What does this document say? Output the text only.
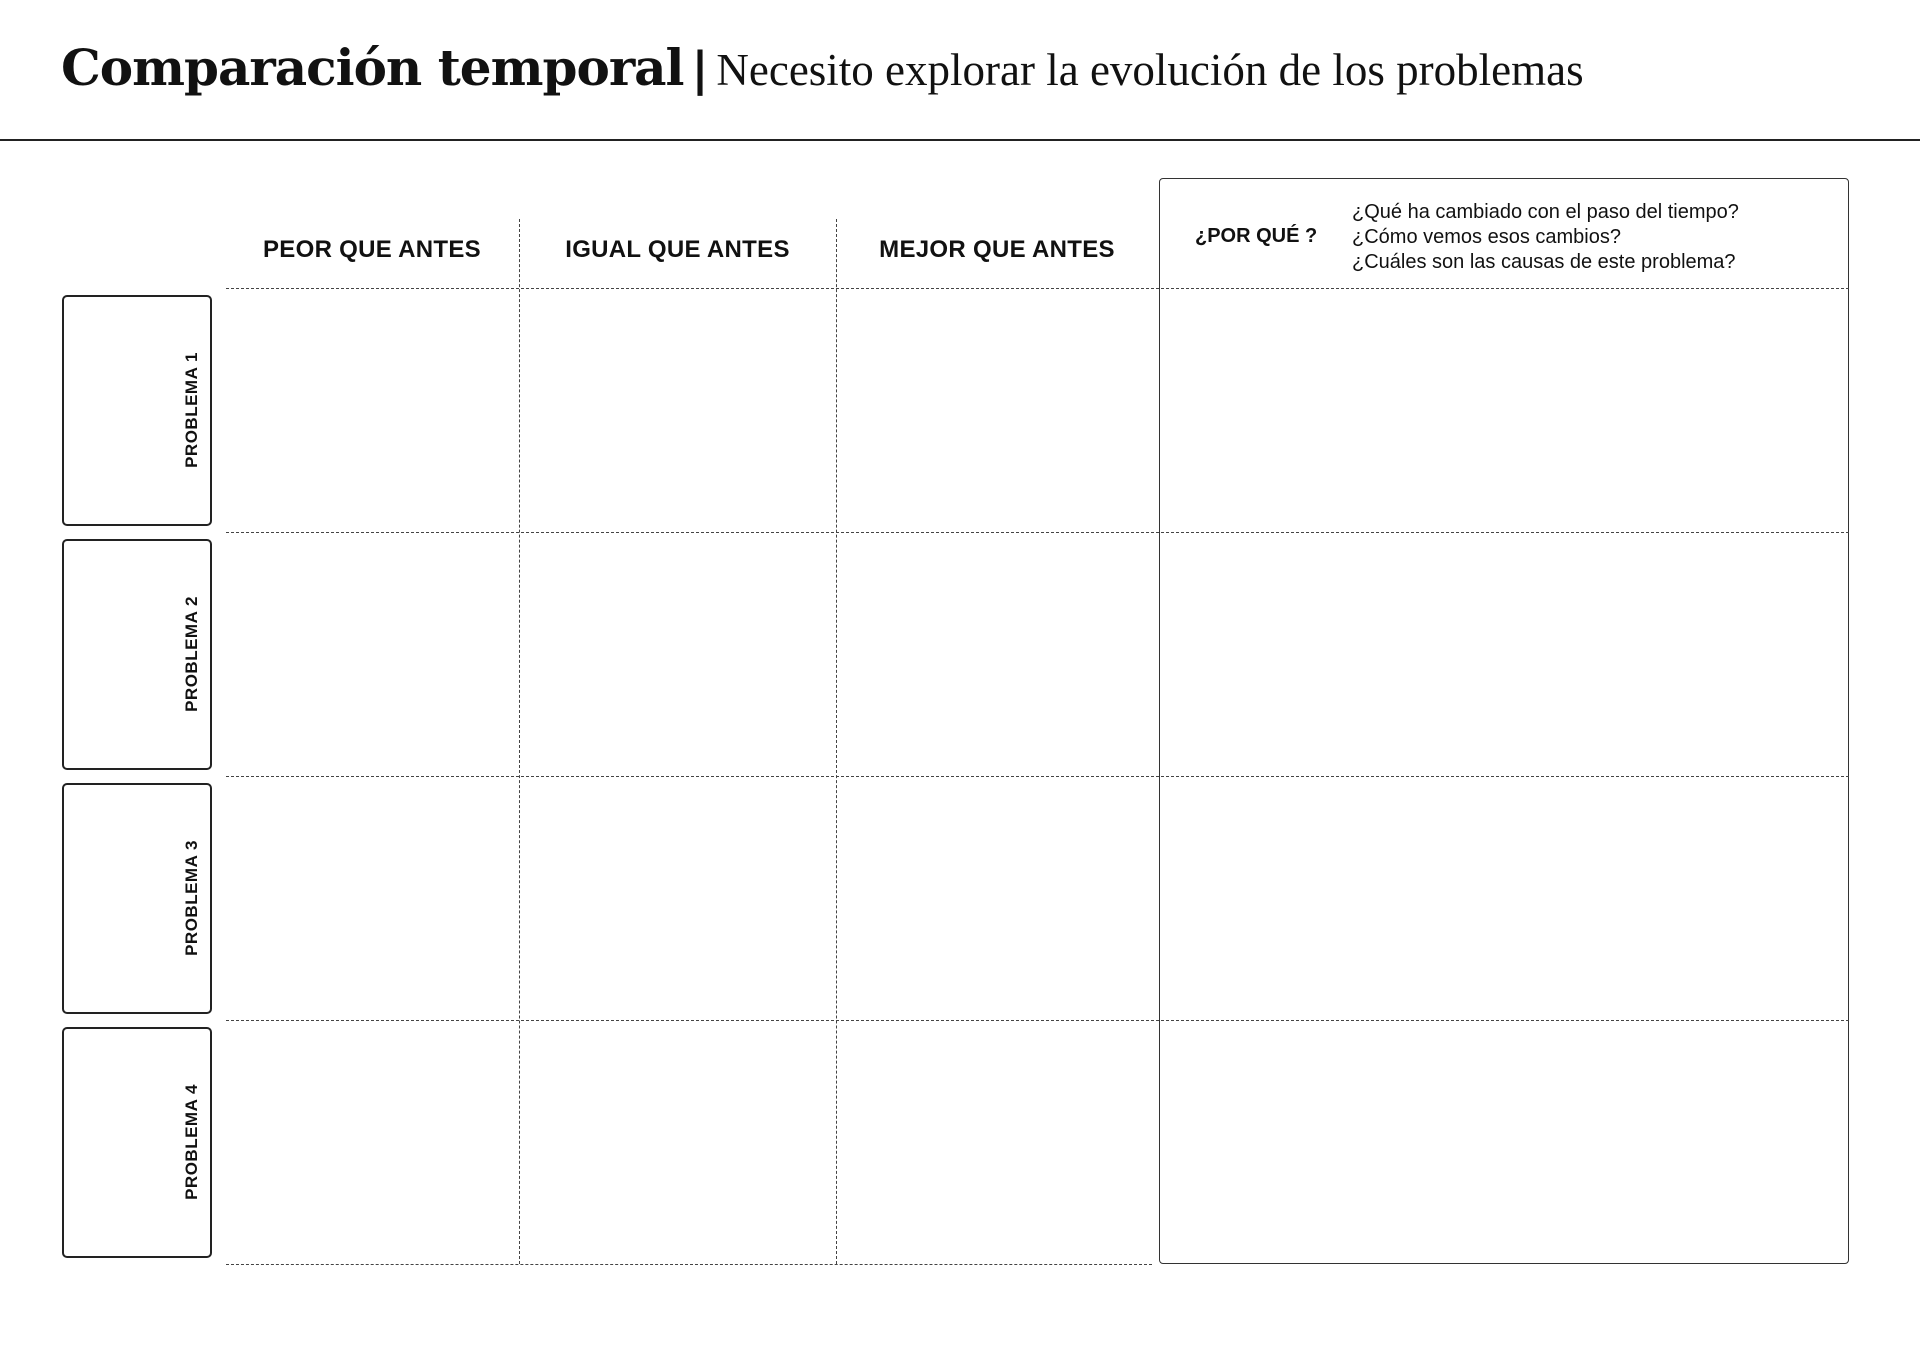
Comparación temporal | Necesito explorar la evolución de los problemas
PEOR QUE ANTES	IGUAL QUE ANTES	MEJOR QUE ANTES	¿POR QUÉ ?
¿Qué ha cambiado con el paso del tiempo?
¿Cómo vemos esos cambios?
¿Cuáles son las causas de este problema?
PROBLEMA 1
PROBLEMA 2
PROBLEMA 3
PROBLEMA 4
